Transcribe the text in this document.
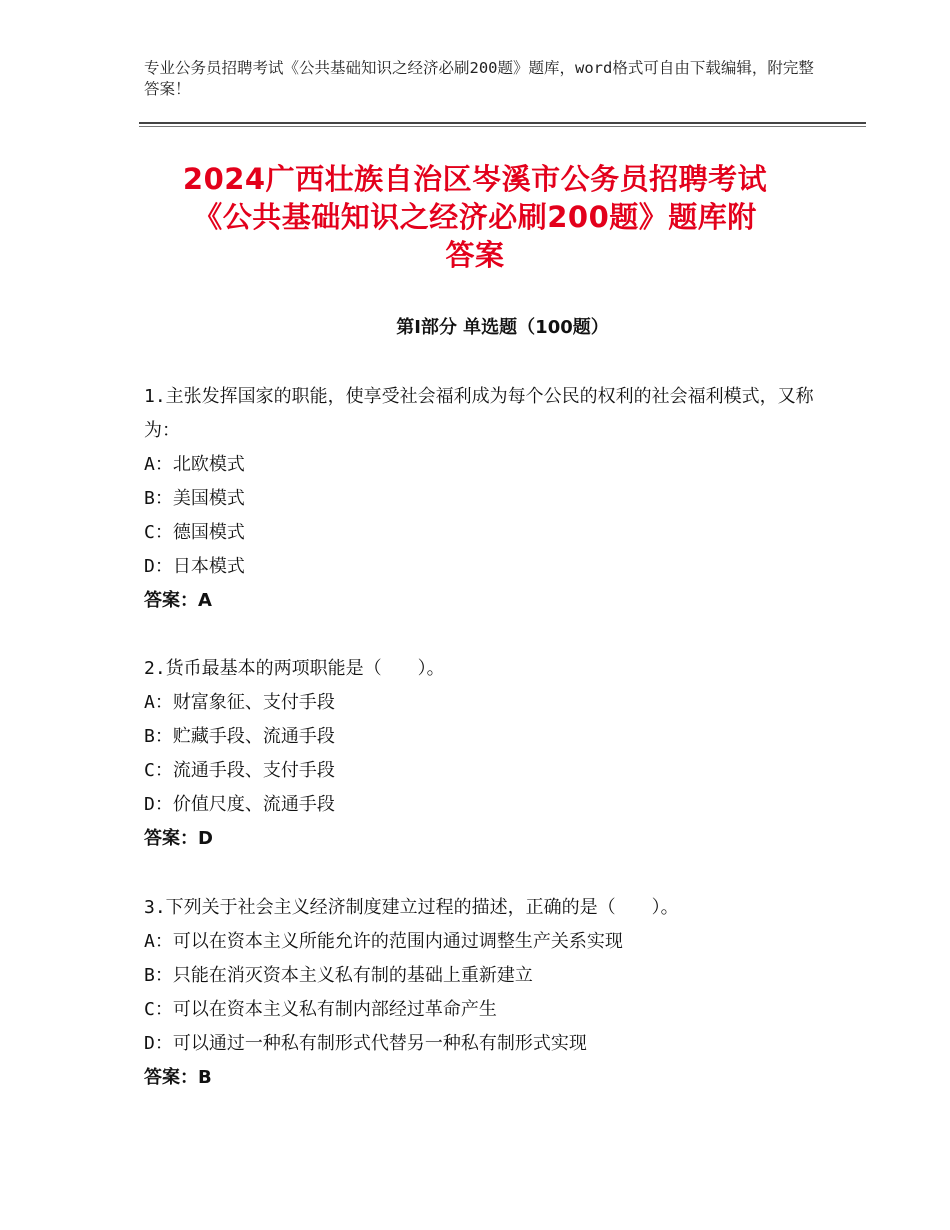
专业公务员招聘考试《公共基础知识之经济必刷200题》题库，word格式可自由下载编辑，附完整答案！
2024广西壮族自治区岑溪市公务员招聘考试
《公共基础知识之经济必刷200题》题库附
答案
第Ⅰ部分 单选题（100题）

1.主张发挥国家的职能，使享受社会福利成为每个公民的权利的社会福利模式，又称为：

A：北欧模式

B：美国模式

C：德国模式

D：日本模式

答案：A

2.货币最基本的两项职能是（　　）。

A：财富象征、支付手段

B：贮藏手段、流通手段

C：流通手段、支付手段

D：价值尺度、流通手段

答案：D

3.下列关于社会主义经济制度建立过程的描述，正确的是（　　）。

A：可以在资本主义所能允许的范围内通过调整生产关系实现

B：只能在消灭资本主义私有制的基础上重新建立

C：可以在资本主义私有制内部经过革命产生

D：可以通过一种私有制形式代替另一种私有制形式实现

答案：B
